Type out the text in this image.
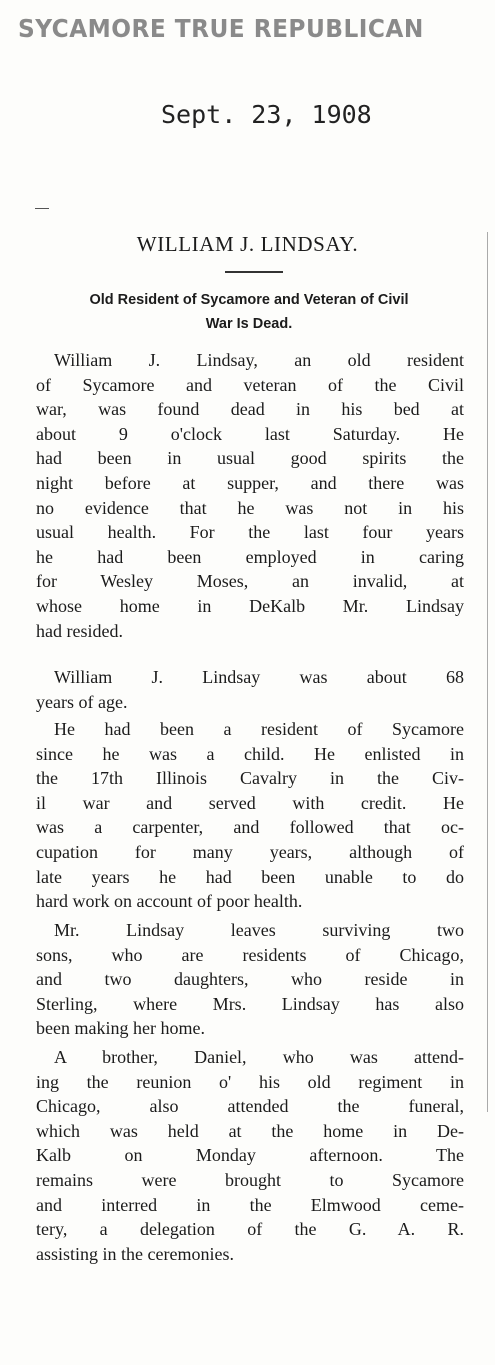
SYCAMORE TRUE REPUBLICAN
Sept. 23, 1908
WILLIAM J. LINDSAY.
Old Resident of Sycamore and Veteran of Civil
War Is Dead.
William J. Lindsay, an old resident
of Sycamore and veteran of the Civil
war, was found dead in his bed at
about 9 o'clock last Saturday. He
had been in usual good spirits the
night before at supper, and there was
no evidence that he was not in his
usual health. For the last four years
he had been employed in caring
for Wesley Moses, an invalid, at
whose home in DeKalb Mr. Lindsay
had resided.
William J. Lindsay was about 68
years of age.
He had been a resident of Sycamore
since he was a child. He enlisted in
the 17th Illinois Cavalry in the Civ-
il war and served with credit. He
was a carpenter, and followed that oc-
cupation for many years, although of
late years he had been unable to do
hard work on account of poor health.
Mr. Lindsay leaves surviving two
sons, who are residents of Chicago,
and two daughters, who reside in
Sterling, where Mrs. Lindsay has also
been making her home.
A brother, Daniel, who was attend-
ing the reunion o' his old regiment in
Chicago, also attended the funeral,
which was held at the home in De-
Kalb on Monday afternoon. The
remains were brought to Sycamore
and interred in the Elmwood ceme-
tery, a delegation of the G. A. R.
assisting in the ceremonies.
